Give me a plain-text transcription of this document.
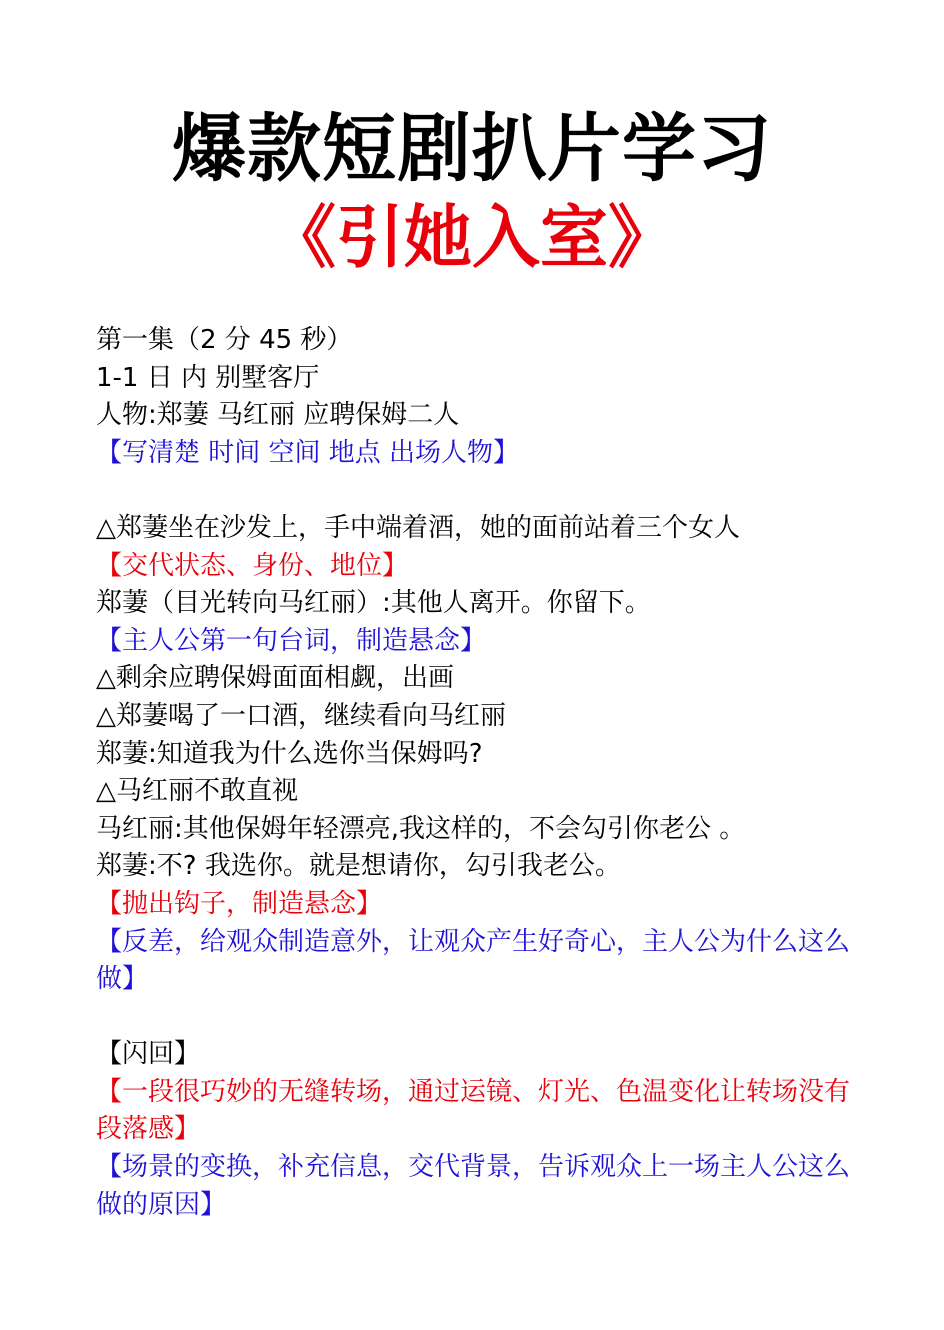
爆款短剧扒片学习
《引她入室》
第一集（2 分 45 秒）
1-1 日 内 别墅客厅
人物:郑萋 马红丽 应聘保姆二人
【写清楚 时间 空间 地点 出场人物】
△郑萋坐在沙发上，手中端着酒，她的面前站着三个女人
【交代状态、身份、地位】
郑萋（目光转向马红丽）:其他人离开。你留下。
【主人公第一句台词，制造悬念】
△剩余应聘保姆面面相觑，出画
△郑萋喝了一口酒，继续看向马红丽
郑萋:知道我为什么选你当保姆吗?
△马红丽不敢直视
马红丽:其他保姆年轻漂亮,我这样的，不会勾引你老公 。
郑萋:不? 我选你。就是想请你，勾引我老公。
【抛出钩子，制造悬念】
【反差，给观众制造意外，让观众产生好奇心，主人公为什么这么做】
【闪回】
【一段很巧妙的无缝转场，通过运镜、灯光、色温变化让转场没有段落感】
【场景的变换，补充信息，交代背景，告诉观众上一场主人公这么做的原因】
